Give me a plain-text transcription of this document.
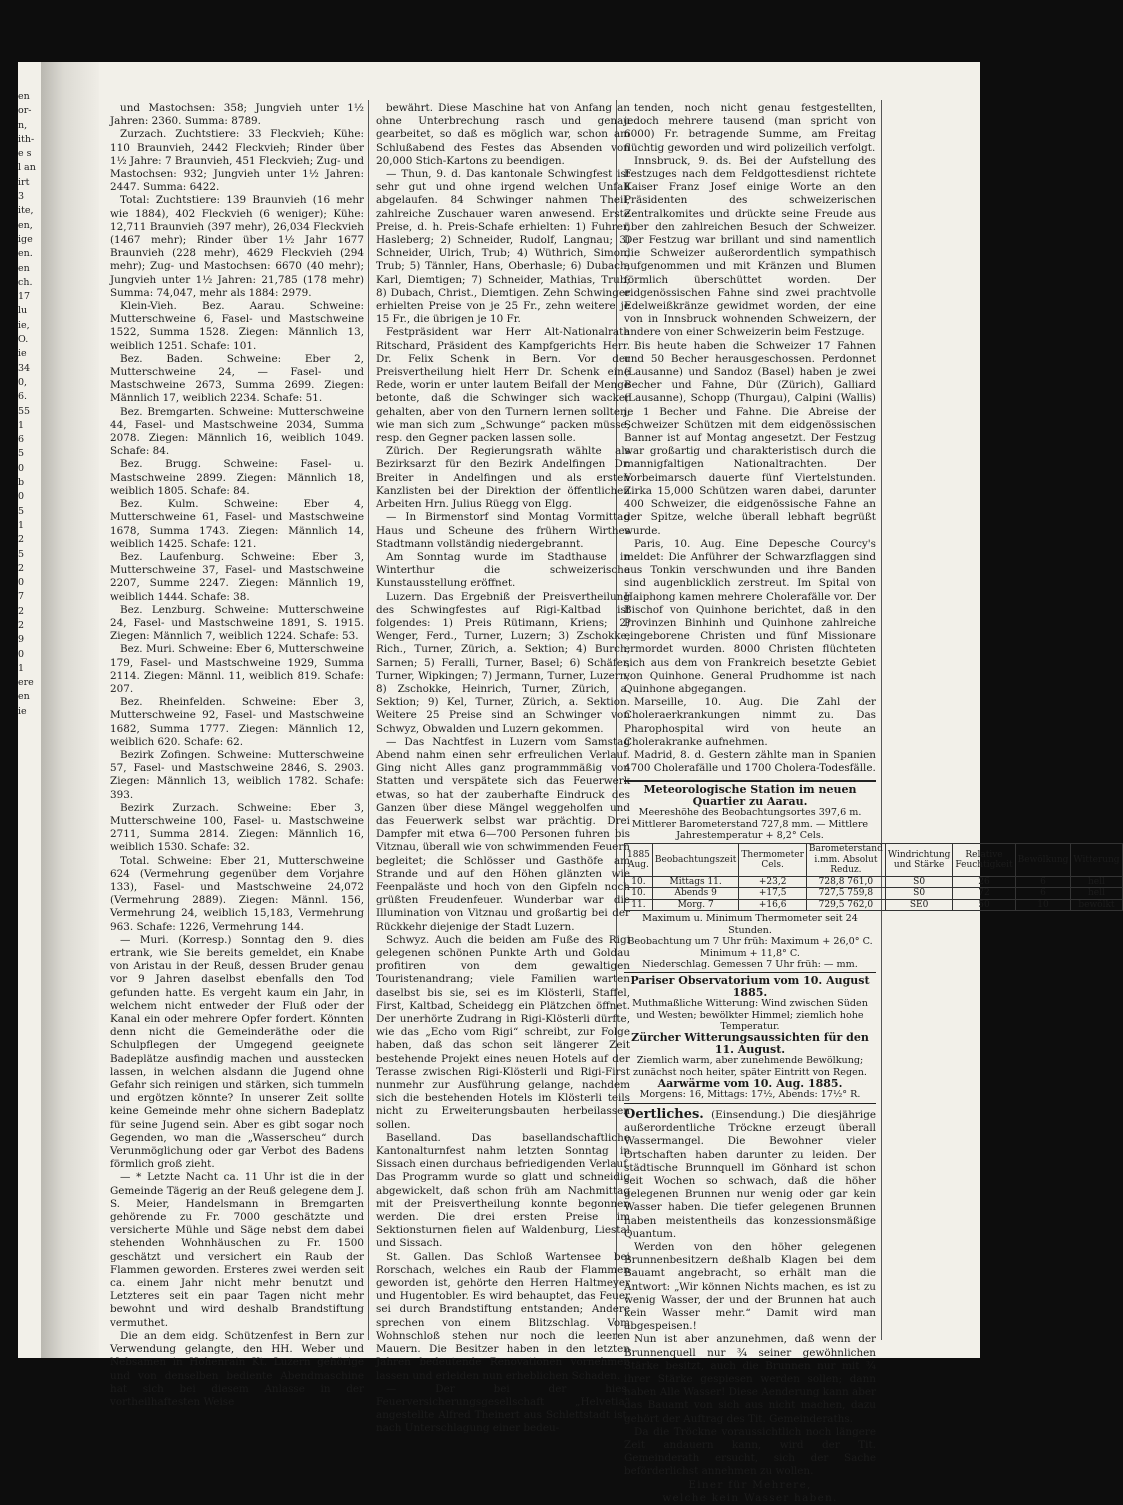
en
or-
n,
ith-
e s
l an
irt
3
ite,
en,
ige
en.
en
ch.
17
lu
ie,
O.
ie
34
0,
6.
55
1
6
5
0
b
0
5
1
2
5
2
0
7
2
2
9
0
1
ere
en
ie

und Mastochsen: 358; Jungvieh unter 1½ Jahren: 2360. Summa: 8789.

Zurzach. Zuchtstiere: 33 Fleckvieh; Kühe: 110 Braunvieh, 2442 Fleckvieh; Rinder über 1½ Jahre: 7 Braunvieh, 451 Fleckvieh; Zug- und Mastochsen: 932; Jungvieh unter 1½ Jahren: 2447. Summa: 6422.

Total: Zuchtstiere: 139 Braunvieh (16 mehr wie 1884), 402 Fleckvieh (6 weniger); Kühe: 12,711 Braunvieh (397 mehr), 26,034 Fleckvieh (1467 mehr); Rinder über 1½ Jahr 1677 Braunvieh (228 mehr), 4629 Fleckvieh (294 mehr); Zug- und Mastochsen: 6670 (40 mehr); Jungvieh unter 1½ Jahren: 21,785 (178 mehr) Summa: 74,047, mehr als 1884: 2979.

Klein-Vieh. Bez. Aarau. Schweine: Mutterschweine 6, Fasel- und Mastschweine 1522, Summa 1528. Ziegen: Männlich 13, weiblich 1251. Schafe: 101.

Bez. Baden. Schweine: Eber 2, Mutterschweine 24, — Fasel- und Mastschweine 2673, Summa 2699. Ziegen: Männlich 17, weiblich 2234. Schafe: 51.

Bez. Bremgarten. Schweine: Mutterschweine 44, Fasel- und Mastschweine 2034, Summa 2078. Ziegen: Männlich 16, weiblich 1049. Schafe: 84.

Bez. Brugg. Schweine: Fasel- u. Mastschweine 2899. Ziegen: Männlich 18, weiblich 1805. Schafe: 84.

Bez. Kulm. Schweine: Eber 4, Mutterschweine 61, Fasel- und Mastschweine 1678, Summa 1743. Ziegen: Männlich 14, weiblich 1425. Schafe: 121.

Bez. Laufenburg. Schweine: Eber 3, Mutterschweine 37, Fasel- und Mastschweine 2207, Summe 2247. Ziegen: Männlich 19, weiblich 1444. Schafe: 38.

Bez. Lenzburg. Schweine: Mutterschweine 24, Fasel- und Mastschweine 1891, S. 1915. Ziegen: Männlich 7, weiblich 1224. Schafe: 53.

Bez. Muri. Schweine: Eber 6, Mutterschweine 179, Fasel- und Mastschweine 1929, Summa 2114. Ziegen: Männl. 11, weiblich 819. Schafe: 207.

Bez. Rheinfelden. Schweine: Eber 3, Mutterschweine 92, Fasel- und Mastschweine 1682, Summa 1777. Ziegen: Männlich 12, weiblich 620. Schafe: 62.

Bezirk Zofingen. Schweine: Mutterschweine 57, Fasel- und Mastschweine 2846, S. 2903. Ziegen: Männlich 13, weiblich 1782. Schafe: 393.

Bezirk Zurzach. Schweine: Eber 3, Mutterschweine 100, Fasel- u. Mastschweine 2711, Summa 2814. Ziegen: Männlich 16, weiblich 1530. Schafe: 32.

Total. Schweine: Eber 21, Mutterschweine 624 (Vermehrung gegenüber dem Vorjahre 133), Fasel- und Mastschweine 24,072 (Vermehrung 2889). Ziegen: Männl. 156, Vermehrung 24, weiblich 15,183, Vermehrung 963. Schafe: 1226, Vermehrung 144.

— Muri. (Korresp.) Sonntag den 9. dies ertrank, wie Sie bereits gemeldet, ein Knabe von Aristau in der Reuß, dessen Bruder genau vor 9 Jahren daselbst ebenfalls den Tod gefunden hatte. Es vergeht kaum ein Jahr, in welchem nicht entweder der Fluß oder der Kanal ein oder mehrere Opfer fordert. Könnten denn nicht die Gemeinderäthe oder die Schulpflegen der Umgegend geeignete Badeplätze ausfindig machen und ausstecken lassen, in welchen alsdann die Jugend ohne Gefahr sich reinigen und stärken, sich tummeln und ergötzen könnte? In unserer Zeit sollte keine Gemeinde mehr ohne sichern Badeplatz für seine Jugend sein. Aber es gibt sogar noch Gegenden, wo man die „Wasserscheu“ durch Verunmöglichung oder gar Verbot des Badens förmlich groß zieht.

— * Letzte Nacht ca. 11 Uhr ist die in der Gemeinde Tägerig an der Reuß gelegene dem J. S. Meier, Handelsmann in Bremgarten gehörende zu Fr. 7000 geschätzte und versicherte Mühle und Säge nebst dem dabei stehenden Wohnhäuschen zu Fr. 1500 geschätzt und versichert ein Raub der Flammen geworden. Ersteres zwei werden seit ca. einem Jahr nicht mehr benutzt und Letzteres seit ein paar Tagen nicht mehr bewohnt und wird deshalb Brandstiftung vermuthet.

Die an dem eidg. Schützenfest in Bern zur Verwendung gelangte, den HH. Weber und Nebsamen in Hohenrain Kt. Luzern gehörige und von denselben bediente Abendmaschine hat sich bei diesem Anlasse in der vortheilhaftesten Weise

bewährt. Diese Maschine hat von Anfang an ohne Unterbrechung rasch und genau gearbeitet, so daß es möglich war, schon am Schlußabend des Festes das Absenden von 20,000 Stich-Kartons zu beendigen.

— Thun, 9. d. Das kantonale Schwingfest ist sehr gut und ohne irgend welchen Unfall abgelaufen. 84 Schwinger nahmen Theil, zahlreiche Zuschauer waren anwesend. Erste Preise, d. h. Preis-Schafe erhielten: 1) Fuhrer, Hasleberg; 2) Schneider, Rudolf, Langnau; 3) Schneider, Ulrich, Trub; 4) Wüthrich, Simon, Trub; 5) Tännler, Hans, Oberhasle; 6) Dubach, Karl, Diemtigen; 7) Schneider, Mathias, Trub; 8) Dubach, Christ., Diemtigen. Zehn Schwinger erhielten Preise von je 25 Fr., zehn weitere je 15 Fr., die übrigen je 10 Fr.

Festpräsident war Herr Alt-Nationalrath Ritschard, Präsident des Kampfgerichts Herr. Dr. Felix Schenk in Bern. Vor der Preisvertheilung hielt Herr Dr. Schenk eine Rede, worin er unter lautem Beifall der Menge betonte, daß die Schwinger sich wacker gehalten, aber von den Turnern lernen sollten, wie man sich zum „Schwunge“ packen müsse, resp. den Gegner packen lassen solle.

Zürich. Der Regierungsrath wählte als Bezirksarzt für den Bezirk Andelfingen Dr. Breiter in Andelfingen und als ersten Kanzlisten bei der Direktion der öffentlichen Arbeiten Hrn. Julius Rüegg von Elgg.

— In Birmenstorf sind Montag Vormittag Haus und Scheune des frühern Wirthes Stadtmann vollständig niedergebrannt.

Am Sonntag wurde im Stadthause in Winterthur die schweizerische Kunstausstellung eröffnet.

Luzern. Das Ergebniß der Preisvertheilung des Schwingfestes auf Rigi-Kaltbad ist folgendes: 1) Preis Rütimann, Kriens; 2) Wenger, Ferd., Turner, Luzern; 3) Zschokke, Rich., Turner, Zürich, a. Sektion; 4) Burch, Sarnen; 5) Feralli, Turner, Basel; 6) Schäfer, Turner, Wipkingen; 7) Jermann, Turner, Luzern; 8) Zschokke, Heinrich, Turner, Zürich, a. Sektion; 9) Kel, Turner, Zürich, a. Sektion. Weitere 25 Preise sind an Schwinger von Schwyz, Obwalden und Luzern gekommen.

— Das Nachtfest in Luzern vom Samstag Abend nahm einen sehr erfreulichen Verlauf. Ging nicht Alles ganz programmmäßig von Statten und verspätete sich das Feuerwerk etwas, so hat der zauberhafte Eindruck des Ganzen über diese Mängel weggeholfen und das Feuerwerk selbst war prächtig. Drei Dampfer mit etwa 6—700 Personen fuhren bis Vitznau, überall wie von schwimmenden Feuern begleitet; die Schlösser und Gasthöfe am Strande und auf den Höhen glänzten wie Feenpaläste und hoch von den Gipfeln noch grüßten Freudenfeuer. Wunderbar war die Illumination von Vitznau und großartig bei der Rückkehr diejenige der Stadt Luzern.

Schwyz. Auch die beiden am Fuße des Rigi gelegenen schönen Punkte Arth und Goldau profitiren von dem gewaltigen Touristenandrang; viele Familien warten daselbst bis sie, sei es im Klösterli, Staffel, First, Kaltbad, Scheidegg ein Plätzchen öffnet. Der unerhörte Zudrang in Rigi-Klösterli dürfte, wie das „Echo vom Rigi“ schreibt, zur Folge haben, daß das schon seit längerer Zeit bestehende Projekt eines neuen Hotels auf der Terasse zwischen Rigi-Klösterli und Rigi-First nunmehr zur Ausführung gelange, nachdem sich die bestehenden Hotels im Klösterli teils nicht zu Erweiterungsbauten herbeilassen sollen.

Baselland. Das basellandschaftliche Kantonalturnfest nahm letzten Sonntag in Sissach einen durchaus befriedigenden Verlauf. Das Programm wurde so glatt und schneidig abgewickelt, daß schon früh am Nachmittag mit der Preisvertheilung konnte begonnen werden. Die drei ersten Preise im Sektionsturnen fielen auf Waldenburg, Liestal und Sissach.

St. Gallen. Das Schloß Wartensee bei Rorschach, welches ein Raub der Flammen geworden ist, gehörte den Herren Haltmeyer und Hugentobler. Es wird behauptet, das Feuer sei durch Brandstiftung entstanden; Andere sprechen von einem Blitzschlag. Vom Wohnschloß stehen nur noch die leeren Mauern. Die Besitzer haben in den letzten Jahren bedeutende Renovationen vornehmen lassen und erleiden nun erheblichen Schaden.

— Der bei der hies. Feuerversicherungsgesellschaft „Helvetia“ angestellte Alfred Theinert aus Schlettstadt ist, nach Unterschlagung einer bedeu-

tenden, noch nicht genau festgestellten, jedoch mehrere tausend (man spricht von 6000) Fr. betragende Summe, am Freitag flüchtig geworden und wird polizeilich verfolgt.

Innsbruck, 9. ds. Bei der Aufstellung des Festzuges nach dem Feldgottesdienst richtete Kaiser Franz Josef einige Worte an den Präsidenten des schweizerischen Zentralkomites und drückte seine Freude aus über den zahlreichen Besuch der Schweizer. Der Festzug war brillant und sind namentlich die Schweizer außerordentlich sympathisch aufgenommen und mit Kränzen und Blumen förmlich überschüttet worden. Der eidgenössischen Fahne sind zwei prachtvolle Edelweißkränze gewidmet worden, der eine von in Innsbruck wohnenden Schweizern, der andere von einer Schweizerin beim Festzuge.

Bis heute haben die Schweizer 17 Fahnen und 50 Becher herausgeschossen. Perdonnet (Lausanne) und Sandoz (Basel) haben je zwei Becher und Fahne, Dür (Zürich), Galliard (Lausanne), Schopp (Thurgau), Calpini (Wallis) je 1 Becher und Fahne. Die Abreise der Schweizer Schützen mit dem eidgenössischen Banner ist auf Montag angesetzt. Der Festzug war großartig und charakteristisch durch die mannigfaltigen Nationaltrachten. Der Vorbeimarsch dauerte fünf Viertelstunden. Zirka 15,000 Schützen waren dabei, darunter 400 Schweizer, die eidgenössische Fahne an der Spitze, welche überall lebhaft begrüßt wurde.

Paris, 10. Aug. Eine Depesche Courcy's meldet: Die Anführer der Schwarzflaggen sind aus Tonkin verschwunden und ihre Banden sind augenblicklich zerstreut. Im Spital von Haiphong kamen mehrere Cholerafälle vor. Der Bischof von Quinhone berichtet, daß in den Provinzen Binhinh und Quinhone zahlreiche eingeborene Christen und fünf Missionare ermordet wurden. 8000 Christen flüchteten sich aus dem von Frankreich besetzte Gebiet von Quinhone. General Prudhomme ist nach Quinhone abgegangen.

Marseille, 10. Aug. Die Zahl der Choleraerkrankungen nimmt zu. Das Pharophospital wird von heute an Cholerakranke aufnehmen.

Madrid, 8. d. Gestern zählte man in Spanien 4700 Cholerafälle und 1700 Cholera-Todesfälle.

Meteorologische Station im neuen Quartier zu Aarau.

Meereshöhe des Beobachtungsortes 397,6 m.

Mittlerer Barometerstand 727,8 mm. — Mittlere Jahrestemperatur + 8,2° Cels.

1885 Aug.	Beobachtungszeit	Thermometer Cels.	Barometerstand i.mm. Absolut Reduz.	Windrichtung und Stärke	Relative Feuchtigkeit	Bewölkung	Witterung
10.	Mittags 11.	+23,2	728,8 761,0	S0	26	6	hell
10.	Abends 9	+17,5	727,5 759,8	S0	72	6	hell
11.	Morg. 7	+16,6	729,5 762,0	SE0	50	10	bewölkt

Maximum u. Minimum Thermometer seit 24 Stunden.

Beobachtung um 7 Uhr früh: Maximum + 26,0° C.

Minimum + 11,8° C.

Niederschlag. Gemessen 7 Uhr früh: — mm.

Pariser Observatorium vom 10. August 1885.

Muthmaßliche Witterung: Wind zwischen Süden und Westen; bewölkter Himmel; ziemlich hohe Temperatur.

Zürcher Witterungsaussichten für den 11. August.

Ziemlich warm, aber zunehmende Bewölkung; zunächst noch heiter, später Eintritt von Regen.

Aarwärme vom 10. Aug. 1885.

Morgens: 16, Mittags: 17½, Abends: 17½° R.

Oertliches. (Einsendung.) Die diesjährige außerordentliche Tröckne erzeugt überall Wassermangel. Die Bewohner vieler Ortschaften haben darunter zu leiden. Der städtische Brunnquell im Gönhard ist schon seit Wochen so schwach, daß die höher gelegenen Brunnen nur wenig oder gar kein Wasser haben. Die tiefer gelegenen Brunnen haben meistentheils das konzessionsmäßige Quantum.

Werden von den höher gelegenen Brunnenbesitzern deßhalb Klagen bei dem Bauamt angebracht, so erhält man die Antwort: „Wir können Nichts machen, es ist zu wenig Wasser, der und der Brunnen hat auch kein Wasser mehr.“ Damit wird man abgespeisen.!

Nun ist aber anzunehmen, daß wenn der Brunnenquell nur ¾ seiner gewöhnlichen Stärke besitzt, auch die Brunnen nur mit ¾ ihrer Stärke gespiesen werden sollen; dann haben Alle Wasser! Diese Aenderung kann aber das Bauamt von sich aus nicht machen, dazu gehört der Auftrag des Tit. Gemeinderaths.

Da die Tröckne voraussichtlich noch längere Zeit andauern kann, wird der Tit. Gemeinderath ersucht, sich der Sache beförderlichst annehmen zu wollen.

Einer für Mehrere,

welche kein Wasser haben.
